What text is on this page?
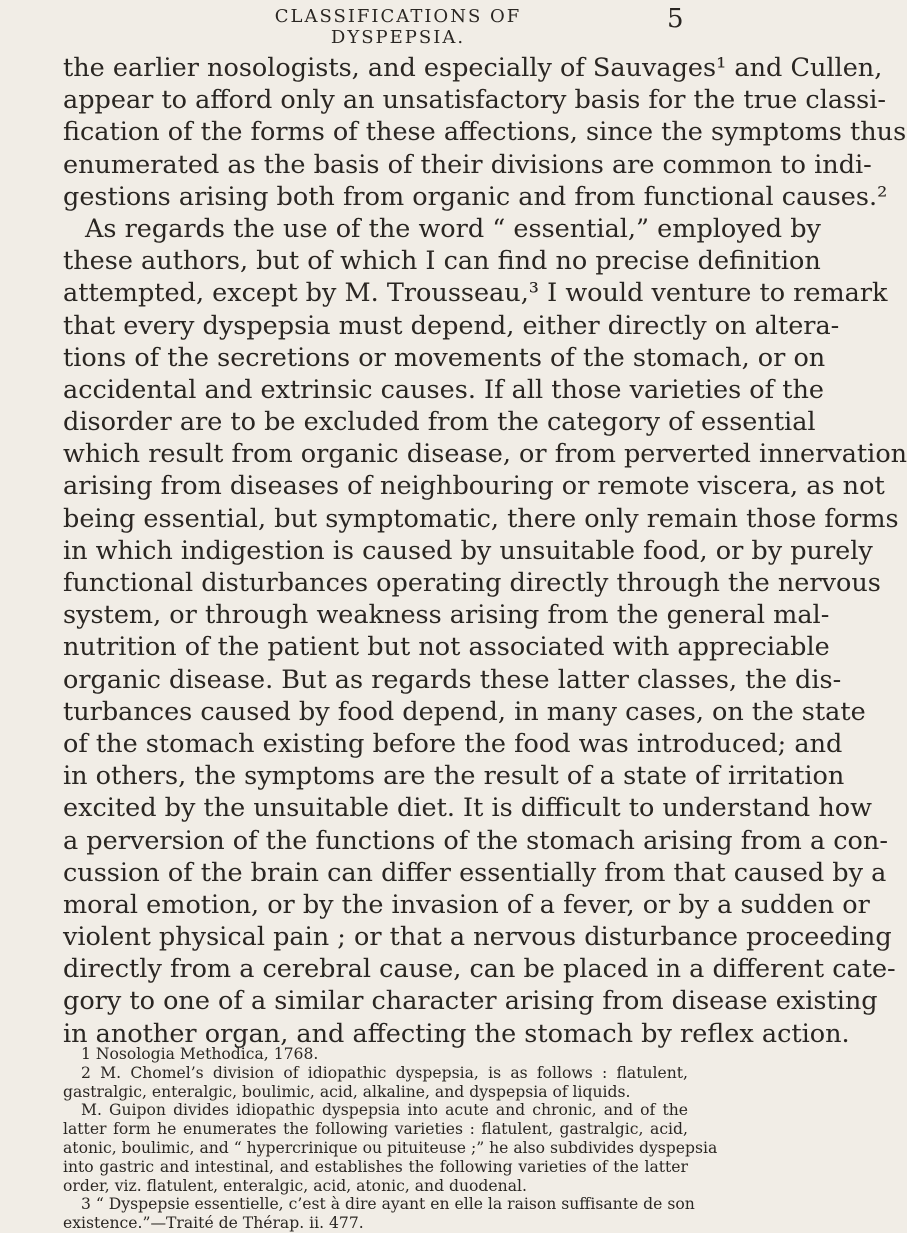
CLASSIFICATIONS OF DYSPEPSIA.
5
the earlier nosologists, and especially of Sauvages¹ and Cullen,
appear to afford only an unsatisfactory basis for the true classi-
fication of the forms of these affections, since the symptoms thus
enumerated as the basis of their divisions are common to indi-
gestions arising both from organic and from functional causes.²
As regards the use of the word “ essential,” employed by
these authors, but of which I can find no precise definition
attempted, except by M. Trousseau,³ I would venture to remark
that every dyspepsia must depend, either directly on altera-
tions of the secretions or movements of the stomach, or on
accidental and extrinsic causes. If all those varieties of the
disorder are to be excluded from the category of essential
which result from organic disease, or from perverted innervation
arising from diseases of neighbouring or remote viscera, as not
being essential, but symptomatic, there only remain those forms
in which indigestion is caused by unsuitable food, or by purely
functional disturbances operating directly through the nervous
system, or through weakness arising from the general mal-
nutrition of the patient but not associated with appreciable
organic disease. But as regards these latter classes, the dis-
turbances caused by food depend, in many cases, on the state
of the stomach existing before the food was introduced; and
in others, the symptoms are the result of a state of irritation
excited by the unsuitable diet. It is difficult to understand how
a perversion of the functions of the stomach arising from a con-
cussion of the brain can differ essentially from that caused by a
moral emotion, or by the invasion of a fever, or by a sudden or
violent physical pain ; or that a nervous disturbance proceeding
directly from a cerebral cause, can be placed in a different cate-
gory to one of a similar character arising from disease existing
in another organ, and affecting the stomach by reflex action.
1 Nosologia Methodica, 1768.
2 M. Chomel’s division of idiopathic dyspepsia, is as follows : flatulent,
gastralgic, enteralgic, boulimic, acid, alkaline, and dyspepsia of liquids.
M. Guipon divides idiopathic dyspepsia into acute and chronic, and of the
latter form he enumerates the following varieties : flatulent, gastralgic, acid,
atonic, boulimic, and “ hypercrinique ou pituiteuse ;” he also subdivides dyspepsia
into gastric and intestinal, and establishes the following varieties of the latter
order, viz. flatulent, enteralgic, acid, atonic, and duodenal.
3 “ Dyspepsie essentielle, c’est à dire ayant en elle la raison suffisante de son
existence.”—Traité de Thérap. ii. 477.
